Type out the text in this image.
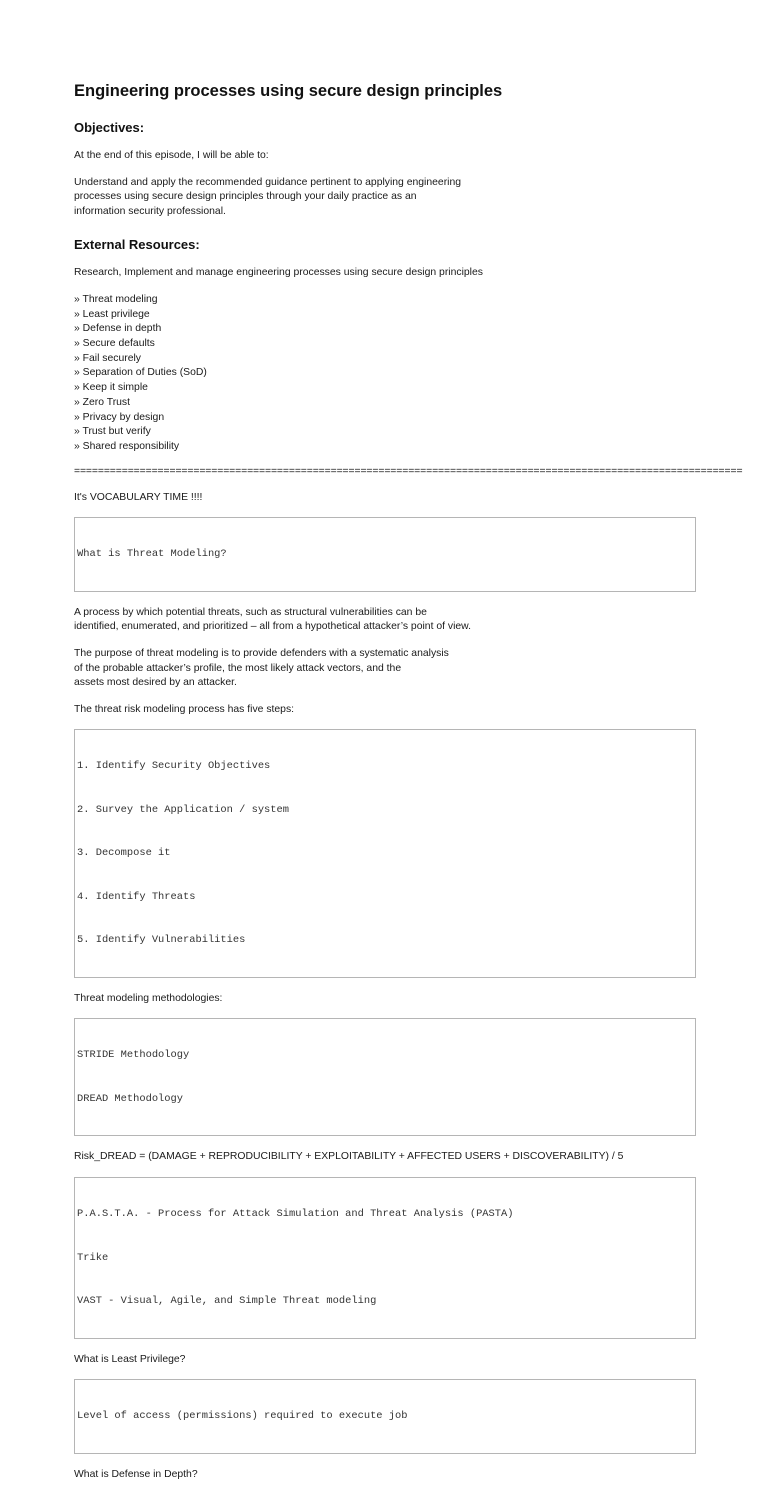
Engineering processes using secure design principles
Objectives:

At the end of this episode, I will be able to:

Understand and apply the recommended guidance pertinent to applying engineering
processes using secure design principles through your daily practice as an
information security professional.

External Resources:

Research, Implement and manage engineering processes using secure design principles

» Threat modeling
» Least privilege
» Defense in depth
» Secure defaults
» Fail securely
» Separation of Duties (SoD)
» Keep it simple
» Zero Trust
» Privacy by design
» Trust but verify
» Shared responsibility
================================================================================================================

It's VOCABULARY TIME !!!!

What is Threat Modeling?

A process by which potential threats, such as structural vulnerabilities can be
identified, enumerated, and prioritized – all from a hypothetical attacker’s point of view.

The purpose of threat modeling is to provide defenders with a systematic analysis
of the probable attacker’s profile, the most likely attack vectors, and the
assets most desired by an attacker.

The threat risk modeling process has five steps:

1. Identify Security Objectives

2. Survey the Application / system

3. Decompose it

4. Identify Threats

5. Identify Vulnerabilities

Threat modeling methodologies:

STRIDE Methodology

DREAD Methodology

Risk_DREAD = (DAMAGE + REPRODUCIBILITY + EXPLOITABILITY + AFFECTED USERS + DISCOVERABILITY) / 5

P.A.S.T.A. - Process for Attack Simulation and Threat Analysis (PASTA)

Trike

VAST - Visual, Agile, and Simple Threat modeling

What is Least Privilege?

Level of access (permissions) required to execute job

What is Defense in Depth?
